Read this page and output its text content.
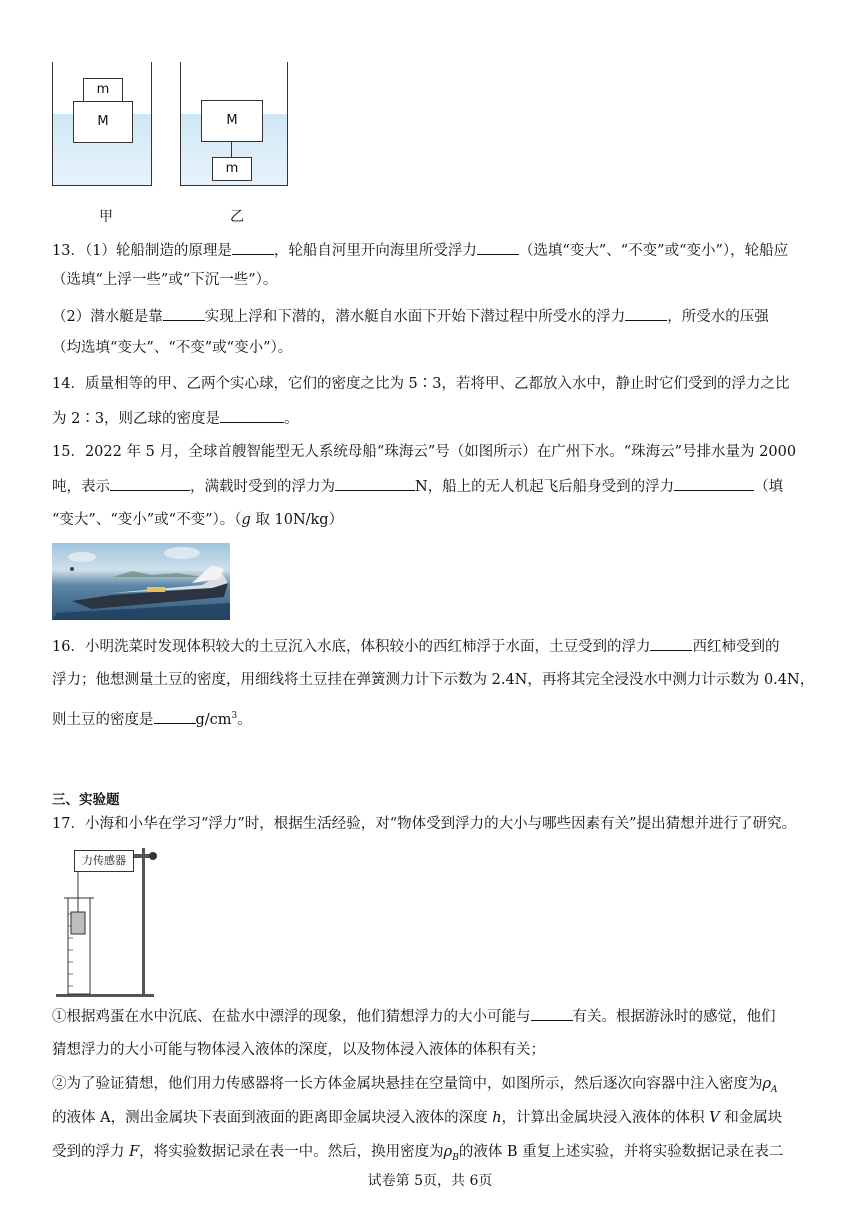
m
M
甲
M
m
乙
13．（1）轮船制造的原理是	，轮船自河里开向海里所受浮力	（选填“变大”、“不变”或“变小”），轮船应
（选填“上浮一些”或“下沉一些”）。
（2）潜水艇是靠	实现上浮和下潜的，潜水艇自水面下开始下潜过程中所受水的浮力	，所受水的压强
（均选填“变大”、“不变”或“变小”）。
14．质量相等的甲、乙两个实心球，它们的密度之比为 5∶3，若将甲、乙都放入水中，静止时它们受到的浮力之比
为 2∶3，则乙球的密度是	。
15．2022 年 5 月，全球首艘智能型无人系统母船“珠海云”号（如图所示）在广州下水。“珠海云”号排水量为 2000
吨，表示	，满载时受到的浮力为	N，船上的无人机起飞后船身受到的浮力	（填
“变大”、“变小”或“不变”）。（g 取 10N/kg）
16．小明洗菜时发现体积较大的土豆沉入水底，体积较小的西红柿浮于水面，土豆受到的浮力	西红柿受到的
浮力；他想测量土豆的密度，用细线将土豆挂在弹簧测力计下示数为 2.4N，再将其完全浸没水中测力计示数为 0.4N，
则土豆的密度是	$g/cm^3$。
三、实验题
17．小海和小华在学习“浮力”时，根据生活经验，对“物体受到浮力的大小与哪些因素有关”提出猜想并进行了研究。
力传感器
①根据鸡蛋在水中沉底、在盐水中漂浮的现象，他们猜想浮力的大小可能与	有关。根据游泳时的感觉，他们
猜想浮力的大小可能与物体浸入液体的深度，以及物体浸入液体的体积有关；
②为了验证猜想，他们用力传感器将一长方体金属块悬挂在空量筒中，如图所示，然后逐次向容器中注入密度为$\rho_A$
的液体 A，测出金属块下表面到液面的距离即金属块浸入液体的深度 h，计算出金属块浸入液体的体积 V 和金属块
受到的浮力 F，将实验数据记录在表一中。然后，换用密度为$\rho_B$的液体 B 重复上述实验，并将实验数据记录在表二
试卷第 5页，共 6页
